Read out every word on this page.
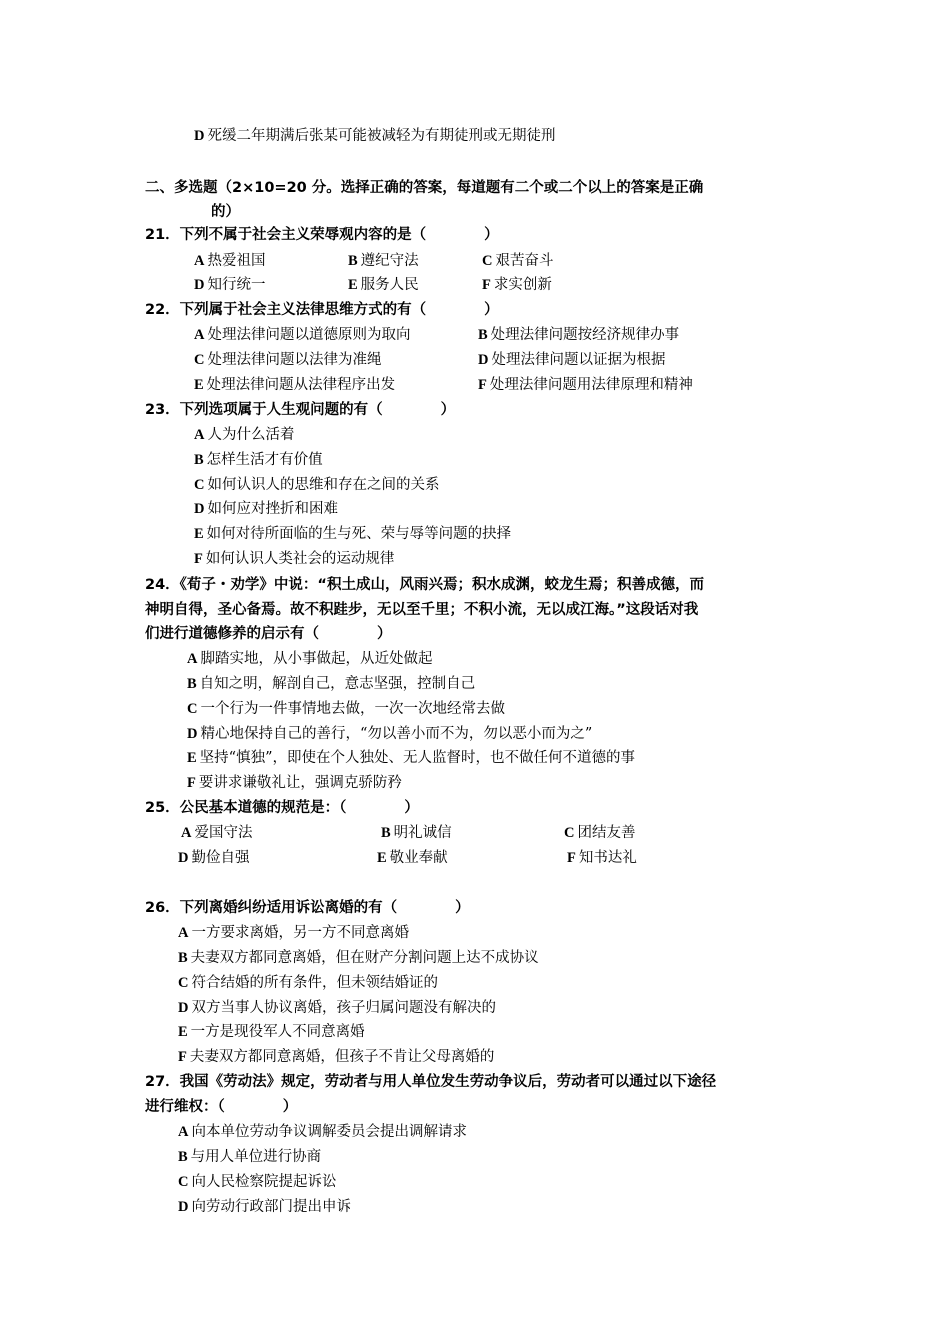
D 死缓二年期满后张某可能被减轻为有期徒刑或无期徒刑
二、多选题（2×10=20 分。选择正确的答案，每道题有二个或二个以上的答案是正确
的）
21．下列不属于社会主义荣辱观内容的是（　　　　）
A 热爱祖国	B 遵纪守法	C 艰苦奋斗
D 知行统一	E 服务人民	F 求实创新
22．下列属于社会主义法律思维方式的有（　　　　）
A 处理法律问题以道德原则为取向	B 处理法律问题按经济规律办事
C 处理法律问题以法律为准绳	D 处理法律问题以证据为根据
E 处理法律问题从法律程序出发	F 处理法律问题用法律原理和精神
23．下列选项属于人生观问题的有（　　　　）
A 人为什么活着
B 怎样生活才有价值
C 如何认识人的思维和存在之间的关系
D 如何应对挫折和困难
E 如何对待所面临的生与死、荣与辱等问题的抉择
F 如何认识人类社会的运动规律
24．《荀子・劝学》中说：“积土成山，风雨兴焉；积水成渊，蛟龙生焉；积善成德，而
神明自得，圣心备焉。故不积跬步，无以至千里；不积小流，无以成江海。”这段话对我
们进行道德修养的启示有（　　　　）
A 脚踏实地，从小事做起，从近处做起
B 自知之明，解剖自己，意志坚强，控制自己
C 一个行为一件事情地去做，一次一次地经常去做
D 精心地保持自己的善行，“勿以善小而不为，勿以恶小而为之”
E 坚持“慎独”，即使在个人独处、无人监督时，也不做任何不道德的事
F 要讲求谦敬礼让，强调克骄防矜
25．公民基本道德的规范是：（　　　　）
A 爱国守法	B 明礼诚信	C 团结友善
D 勤俭自强	E 敬业奉献	F 知书达礼
26．下列离婚纠纷适用诉讼离婚的有（　　　　）
A 一方要求离婚，另一方不同意离婚
B 夫妻双方都同意离婚，但在财产分割问题上达不成协议
C 符合结婚的所有条件，但未领结婚证的
D 双方当事人协议离婚，孩子归属问题没有解决的
E 一方是现役军人不同意离婚
F 夫妻双方都同意离婚，但孩子不肯让父母离婚的
27．我国《劳动法》规定，劳动者与用人单位发生劳动争议后，劳动者可以通过以下途径
进行维权：（　　　　）
A 向本单位劳动争议调解委员会提出调解请求
B 与用人单位进行协商
C 向人民检察院提起诉讼
D 向劳动行政部门提出申诉
